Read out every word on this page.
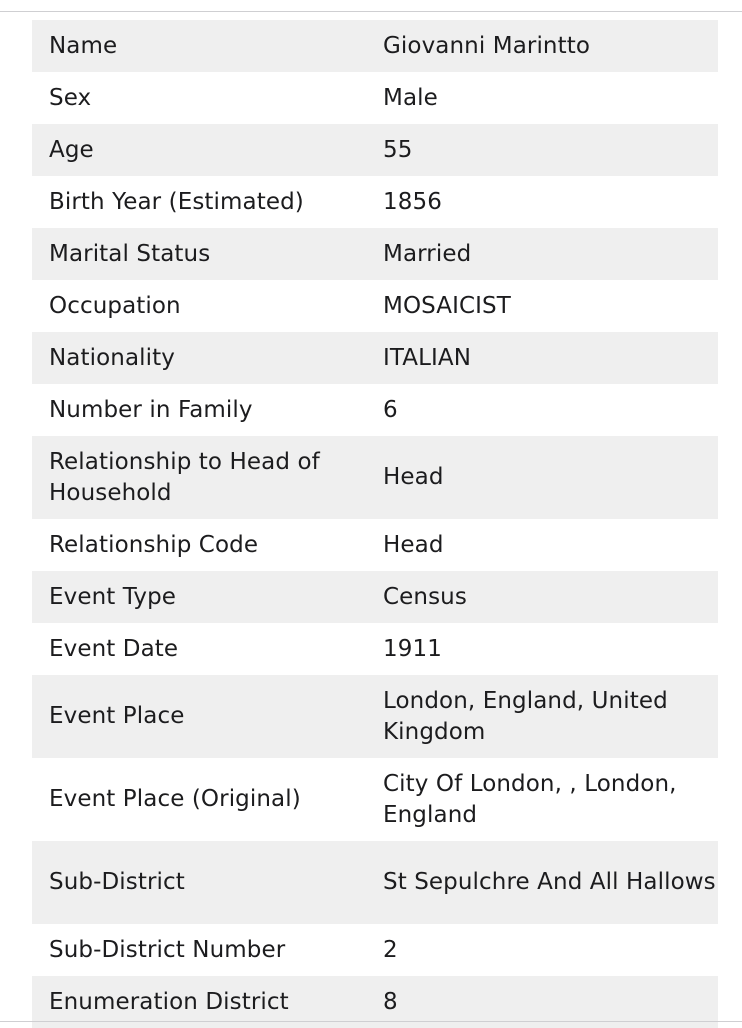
Name	Giovanni Marintto
Sex	Male
Age	55
Birth Year (Estimated)	1856
Marital Status	Married
Occupation	MOSAICIST
Nationality	ITALIAN
Number in Family	6
Relationship to Head of Household	Head
Relationship Code	Head
Event Type	Census
Event Date	1911
Event Place	London, England, United Kingdom
Event Place (Original)	City Of London, , London, England
Sub-District	St Sepulchre And All Hallows
Sub-District Number	2
Enumeration District	8
